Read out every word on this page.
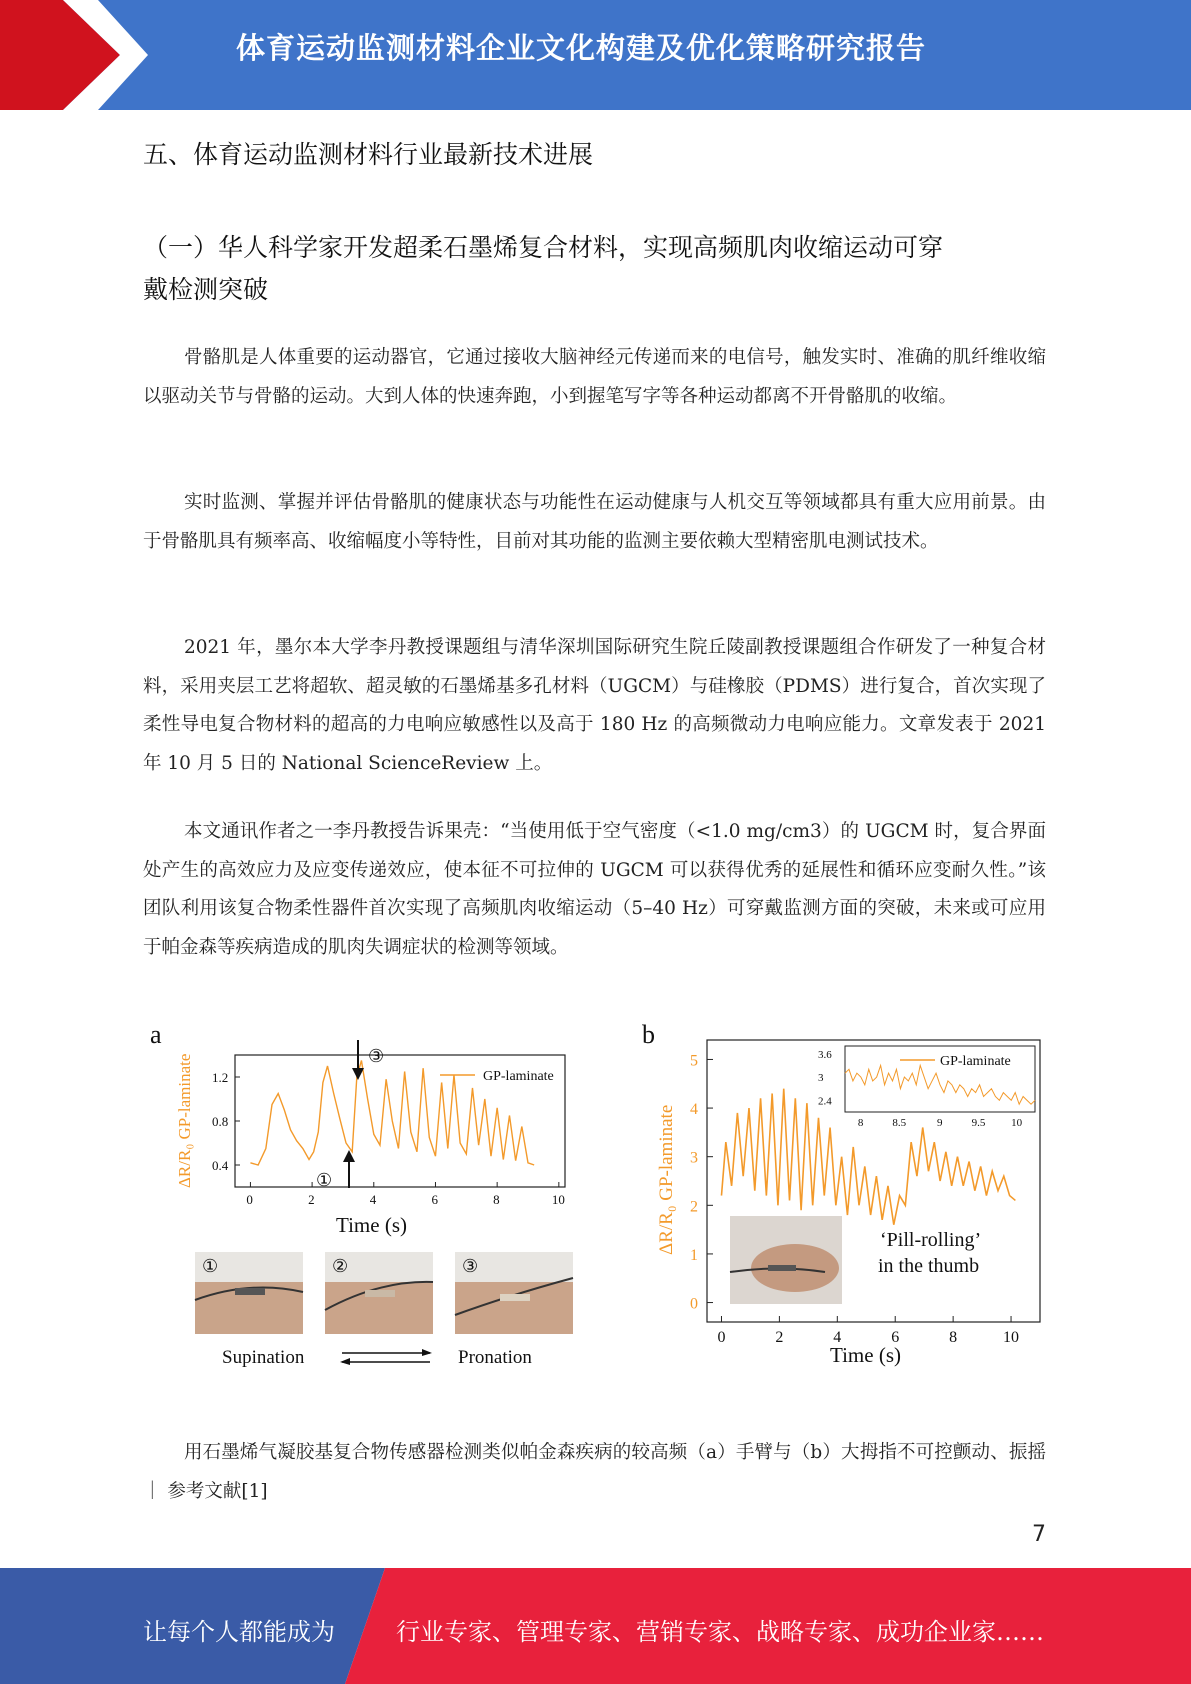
体育运动监测材料企业文化构建及优化策略研究报告
五、体育运动监测材料行业最新技术进展
（一）华人科学家开发超柔石墨烯复合材料，实现高频肌肉收缩运动可穿
戴检测突破

骨骼肌是人体重要的运动器官，它通过接收大脑神经元传递而来的电信号，触发实时、准确的肌纤维收缩以驱动关节与骨骼的运动。大到人体的快速奔跑，小到握笔写字等各种运动都离不开骨骼肌的收缩。

实时监测、掌握并评估骨骼肌的健康状态与功能性在运动健康与人机交互等领域都具有重大应用前景。由于骨骼肌具有频率高、收缩幅度小等特性，目前对其功能的监测主要依赖大型精密肌电测试技术。

2021 年，墨尔本大学李丹教授课题组与清华深圳国际研究生院丘陵副教授课题组合作研发了一种复合材料，采用夹层工艺将超软、超灵敏的石墨烯基多孔材料（UGCM）与硅橡胶（PDMS）进行复合，首次实现了柔性导电复合物材料的超高的力电响应敏感性以及高于 180 Hz 的高频微动力电响应能力。文章发表于 2021 年 10 月 5 日的 National ScienceReview 上。

本文通讯作者之一李丹教授告诉果壳：“当使用低于空气密度（<1.0 mg/cm3）的 UGCM 时，复合界面处产生的高效应力及应变传递效应，使本征不可拉伸的 UGCM 可以获得优秀的延展性和循环应变耐久性。”该团队利用该复合物柔性器件首次实现了高频肌肉收缩运动（5–40 Hz）可穿戴监测方面的突破，未来或可应用于帕金森等疾病造成的肌肉失调症状的检测等领域。

a
ΔR/R₀ GP-laminate 0.4
0.8
1.2
0	2	4	6	8	10
GP-laminate
③
①
Time (s)
①	②	③
Supination	Pronation
b
ΔR/R₀ GP-laminate
0
1
2
3
4
5
0	2	4	6	8	10
3.6
3
2.4
8	8.5	9	9.5 10
GP-laminate
‘Pill-rolling’
in the thumb
Time (s)

用石墨烯气凝胶基复合物传感器检测类似帕金森疾病的较高频（a）手臂与（b）大拇指不可控颤动、振摇 ｜ 参考文献[1]

7
让每个人都能成为	行业专家、管理专家、营销专家、战略专家、成功企业家……
